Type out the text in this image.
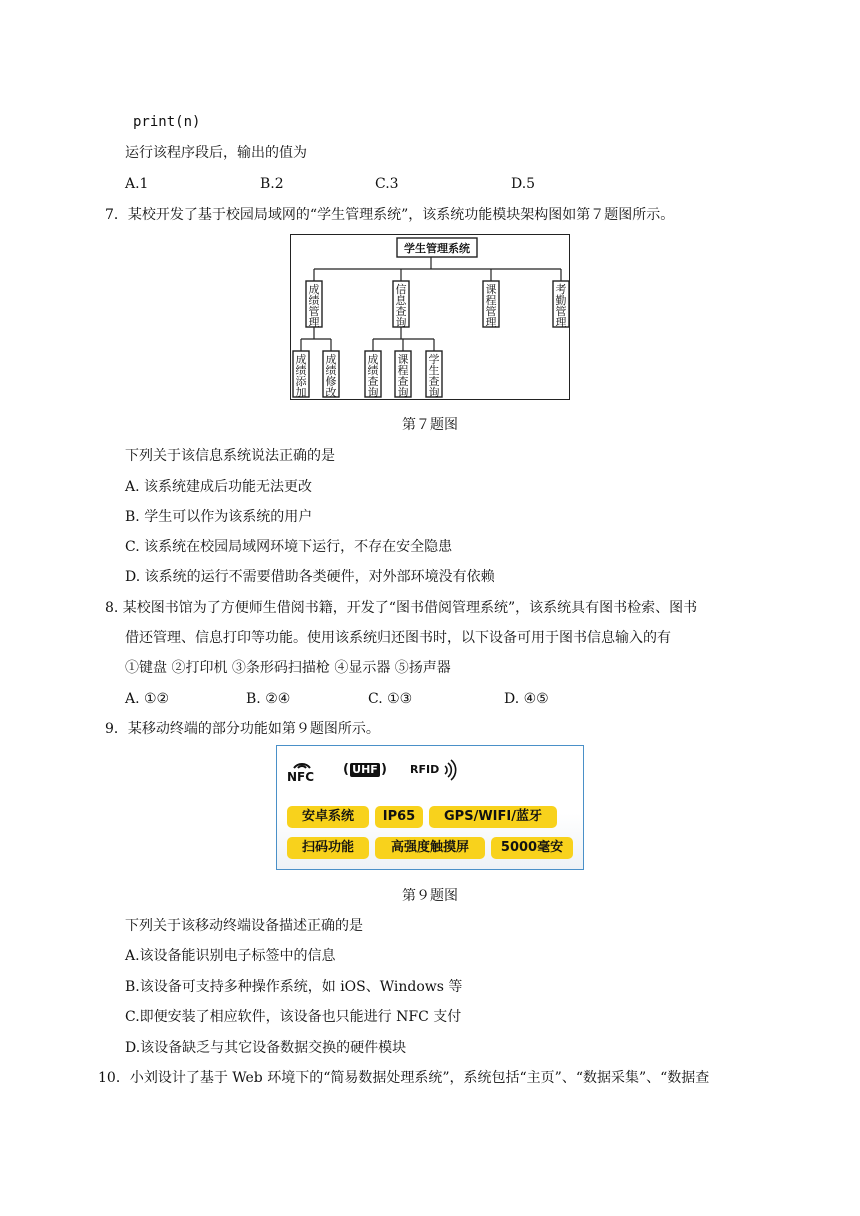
print(n)
运行该程序段后，输出的值为
A.1	B.2	C.3	D.5
7．某校开发了基于校园局域网的“学生管理系统”，该系统功能模块架构图如第７题图所示。
学生管理系统
成绩管理
信息查询
课程管理
考勤管理
成绩添加
成绩修改
成绩查询
课程查询
学生查询
第７题图
下列关于该信息系统说法正确的是
A. 该系统建成后功能无法更改
B. 学生可以作为该系统的用户
C. 该系统在校园局域网环境下运行，不存在安全隐患
D. 该系统的运行不需要借助各类硬件，对外部环境没有依赖
8. 某校图书馆为了方便师生借阅书籍，开发了“图书借阅管理系统”，该系统具有图书检索、图书
借还管理、信息打印等功能。使用该系统归还图书时，以下设备可用于图书信息输入的有
①键盘 ②打印机 ③条形码扫描枪 ④显示器 ⑤扬声器
A. ①②	B. ②④	C. ①③	D. ④⑤
9．某移动终端的部分功能如第９题图所示。
NFC ( UHF ) RFID
安卓系统	IP65	GPS/WIFI/蓝牙
扫码功能	高强度触摸屏	5000毫安
第９题图
下列关于该移动终端设备描述正确的是
A.该设备能识别电子标签中的信息
B.该设备可支持多种操作系统，如 iOS、Windows 等
C.即便安装了相应软件，该设备也只能进行 NFC 支付
D.该设备缺乏与其它设备数据交换的硬件模块
10．小刘设计了基于 Web 环境下的“简易数据处理系统”，系统包括“主页”、“数据采集”、“数据查
